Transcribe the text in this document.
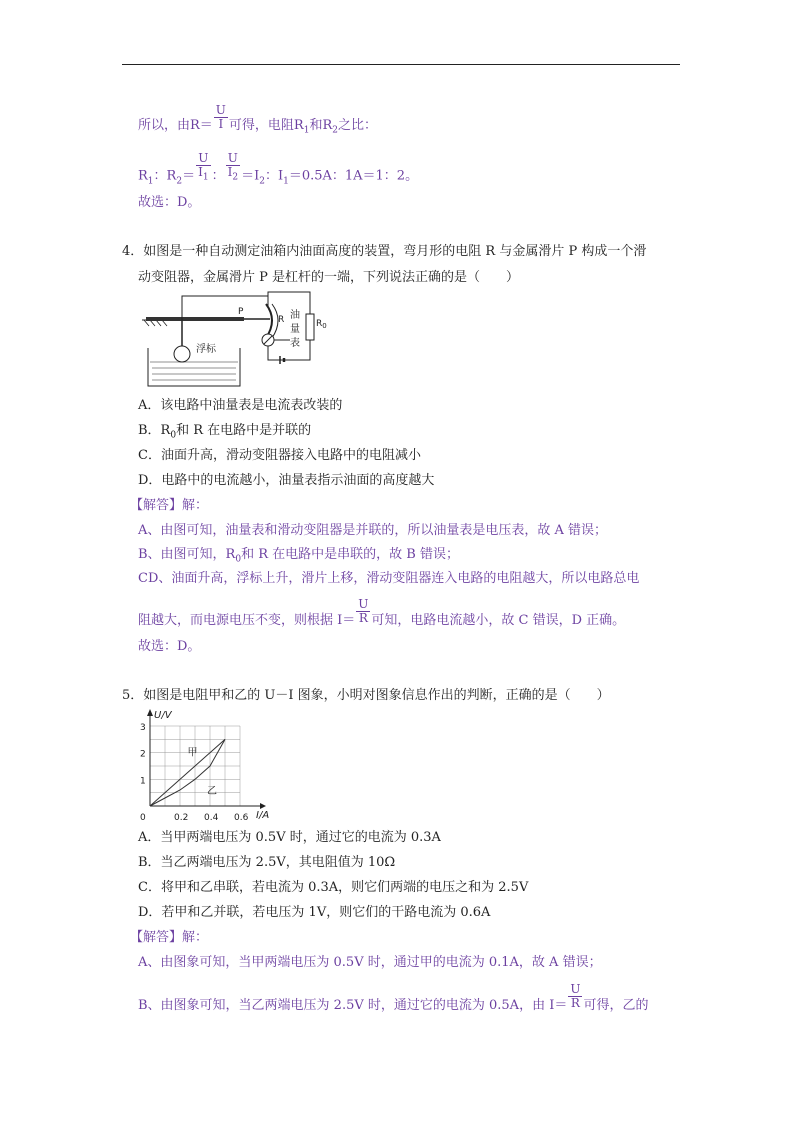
所以，由$R= \frac{U}{I}$ 可得，电阻$R_1$和$R_2$之比：
$R_1$：$R_2= \frac{U}{I_1}$ ： $\frac{U}{I_2} =I_2$：$I_1=0.5A$：1A＝1：2。
故选：D。
4．如图是一种自动测定油箱内油面高度的装置，弯月形的电阻 R 与金属滑片 P 构成一个滑
动变阻器，金属滑片 P 是杠杆的一端，下列说法正确的是（　　）
浮标
P
R	$R_0$
油
量
表
A．该电路中油量表是电流表改装的
B．$R_0$和 R 在电路中是并联的
C．油面升高，滑动变阻器接入电路中的电阻减小
D．电路中的电流越小，油量表指示油面的高度越大
【解答】解：
A、由图可知，油量表和滑动变阻器是并联的，所以油量表是电压表，故 A 错误；
B、由图可知，$R_0$和 R 在电路中是串联的，故 B 错误；
CD、油面升高，浮标上升，滑片上移，滑动变阻器连入电路的电阻越大，所以电路总电
阻越大，而电源电压不变，则根据 $I= \frac{U}{R}$ 可知，电路电流越小，故 C 错误，D 正确。
故选：D。
5．如图是电阻甲和乙的 U－I 图象，小明对图象信息作出的判断，正确的是（　　）
U/V
I/A
1
2
3
0	0.2 0.4 0.6
甲
乙
A．当甲两端电压为 0.5V 时，通过它的电流为 0.3A
B．当乙两端电压为 2.5V，其电阻值为 10Ω
C．将甲和乙串联，若电流为 0.3A，则它们两端的电压之和为 2.5V
D．若甲和乙并联，若电压为 1V，则它们的干路电流为 0.6A
【解答】解：
A、由图象可知，当甲两端电压为 0.5V 时，通过甲的电流为 0.1A，故 A 错误；
B、由图象可知，当乙两端电压为 2.5V 时，通过它的电流为 0.5A，由 $I= \frac{U}{R}$ 可得，乙的
